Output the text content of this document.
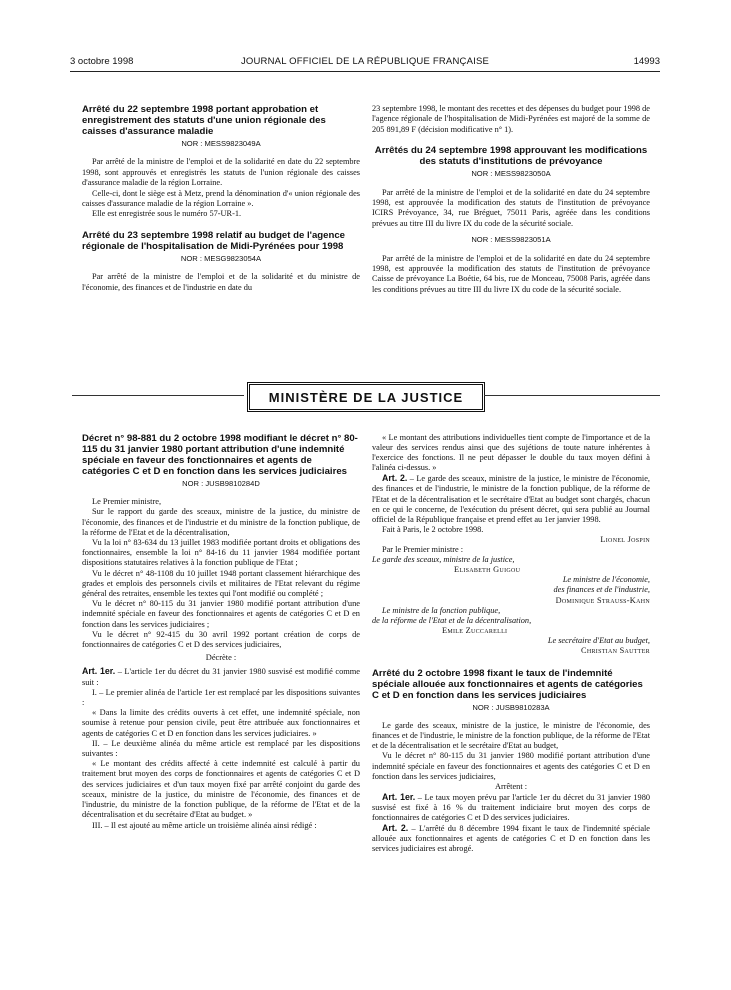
3 octobre 1998	JOURNAL OFFICIEL DE LA RÉPUBLIQUE FRANÇAISE	14993
Arrêté du 22 septembre 1998 portant approbation et enregistrement des statuts d'une union régionale des caisses d'assurance maladie
NOR : MESS9823049A

Par arrêté de la ministre de l'emploi et de la solidarité en date du 22 septembre 1998, sont approuvés et enregistrés les statuts de l'union régionale des caisses d'assurance maladie de la région Lorraine.

Celle-ci, dont le siège est à Metz, prend la dénomination d'« union régionale des caisses d'assurance maladie de la région Lorraine ».

Elle est enregistrée sous le numéro 57-UR-1.

Arrêté du 23 septembre 1998 relatif au budget de l'agence régionale de l'hospitalisation de Midi-Pyrénées pour 1998
NOR : MESG9823054A

Par arrêté de la ministre de l'emploi et de la solidarité et du ministre de l'économie, des finances et de l'industrie en date du

23 septembre 1998, le montant des recettes et des dépenses du budget pour 1998 de l'agence régionale de l'hospitalisation de Midi-Pyrénées est majoré de la somme de 205 891,89 F (décision modificative n° 1).

Arrêtés du 24 septembre 1998 approuvant les modifications des statuts d'institutions de prévoyance
NOR : MESS9823050A

Par arrêté de la ministre de l'emploi et de la solidarité en date du 24 septembre 1998, est approuvée la modification des statuts de l'institution de prévoyance ICIRS Prévoyance, 34, rue Bréguet, 75011 Paris, agréée dans les conditions prévues au titre III du livre IX du code de la sécurité sociale.

NOR : MESS9823051A

Par arrêté de la ministre de l'emploi et de la solidarité en date du 24 septembre 1998, est approuvée la modification des statuts de l'institution de prévoyance Caisse de prévoyance La Boétie, 64 bis, rue de Monceau, 75008 Paris, agréée dans les conditions prévues au titre III du livre IX du code de la sécurité sociale.

MINISTÈRE DE LA JUSTICE
Décret n° 98-881 du 2 octobre 1998 modifiant le décret n° 80-115 du 31 janvier 1980 portant attribution d'une indemnité spéciale en faveur des fonctionnaires et agents de catégories C et D en fonction dans les services judiciaires
NOR : JUSB9810284D

Le Premier ministre,

Sur le rapport du garde des sceaux, ministre de la justice, du ministre de l'économie, des finances et de l'industrie et du ministre de la fonction publique, de la réforme de l'Etat et de la décentralisation,

Vu la loi n° 83-634 du 13 juillet 1983 modifiée portant droits et obligations des fonctionnaires, ensemble la loi n° 84-16 du 11 janvier 1984 modifiée portant dispositions statutaires relatives à la fonction publique de l'Etat ;

Vu le décret n° 48-1108 du 10 juillet 1948 portant classement hiérarchique des grades et emplois des personnels civils et militaires de l'Etat relevant du régime général des retraites, ensemble les textes qui l'ont modifié ou complété ;

Vu le décret n° 80-115 du 31 janvier 1980 modifié portant attribution d'une indemnité spéciale en faveur des fonctionnaires et agents de catégories C et D en fonction dans les services judiciaires ;

Vu le décret n° 92-415 du 30 avril 1992 portant création de corps de fonctionnaires de catégories C et D des services judiciaires,

Décrète :

Art. 1er. – L'article 1er du décret du 31 janvier 1980 susvisé est modifié comme suit :

I. – Le premier alinéa de l'article 1er est remplacé par les dispositions suivantes :

« Dans la limite des crédits ouverts à cet effet, une indemnité spéciale, non soumise à retenue pour pension civile, peut être attribuée aux fonctionnaires et agents de catégories C et D en fonction dans les services judiciaires. »

II. – Le deuxième alinéa du même article est remplacé par les dispositions suivantes :

« Le montant des crédits affecté à cette indemnité est calculé à partir du traitement brut moyen des corps de fonctionnaires et agents de catégories C et D des services judiciaires et d'un taux moyen fixé par arrêté conjoint du garde des sceaux, ministre de la justice, du ministre de l'économie, des finances et de l'industrie, du ministre de la fonction publique, de la réforme de l'Etat et de la décentralisation et du secrétaire d'Etat au budget. »

III. – Il est ajouté au même article un troisième alinéa ainsi rédigé :

« Le montant des attributions individuelles tient compte de l'importance et de la valeur des services rendus ainsi que des sujétions de toute nature inhérentes à l'exercice des fonctions. Il ne peut dépasser le double du taux moyen défini à l'alinéa ci-dessus. »

Art. 2. – Le garde des sceaux, ministre de la justice, le ministre de l'économie, des finances et de l'industrie, le ministre de la fonction publique, de la réforme de l'Etat et de la décentralisation et le secrétaire d'Etat au budget sont chargés, chacun en ce qui le concerne, de l'exécution du présent décret, qui sera publié au Journal officiel de la République française et prend effet au 1er janvier 1998.

Fait à Paris, le 2 octobre 1998.

Lionel Jospin

Par le Premier ministre :

Le garde des sceaux, ministre de la justice,
Elisabeth Guigou
Le ministre de l'économie,
des finances et de l'industrie,
Dominique Strauss-Kahn
Le ministre de la fonction publique,
de la réforme de l'Etat et de la décentralisation,
Emile Zuccarelli
Le secrétaire d'Etat au budget,
Christian Sautter
Arrêté du 2 octobre 1998 fixant le taux de l'indemnité spéciale allouée aux fonctionnaires et agents de catégories C et D en fonction dans les services judiciaires
NOR : JUSB9810283A

Le garde des sceaux, ministre de la justice, le ministre de l'économie, des finances et de l'industrie, le ministre de la fonction publique, de la réforme de l'Etat et de la décentralisation et le secrétaire d'Etat au budget,

Vu le décret n° 80-115 du 31 janvier 1980 modifié portant attribution d'une indemnité spéciale en faveur des fonctionnaires et agents des catégories C et D en fonction dans les services judiciaires,

Arrêtent :

Art. 1er. – Le taux moyen prévu par l'article 1er du décret du 31 janvier 1980 susvisé est fixé à 16 % du traitement indiciaire brut moyen des corps de fonctionnaires de catégories C et D des services judiciaires.

Art. 2. – L'arrêté du 8 décembre 1994 fixant le taux de l'indemnité spéciale allouée aux fonctionnaires et agents de catégories C et D en fonction dans les services judiciaires est abrogé.
